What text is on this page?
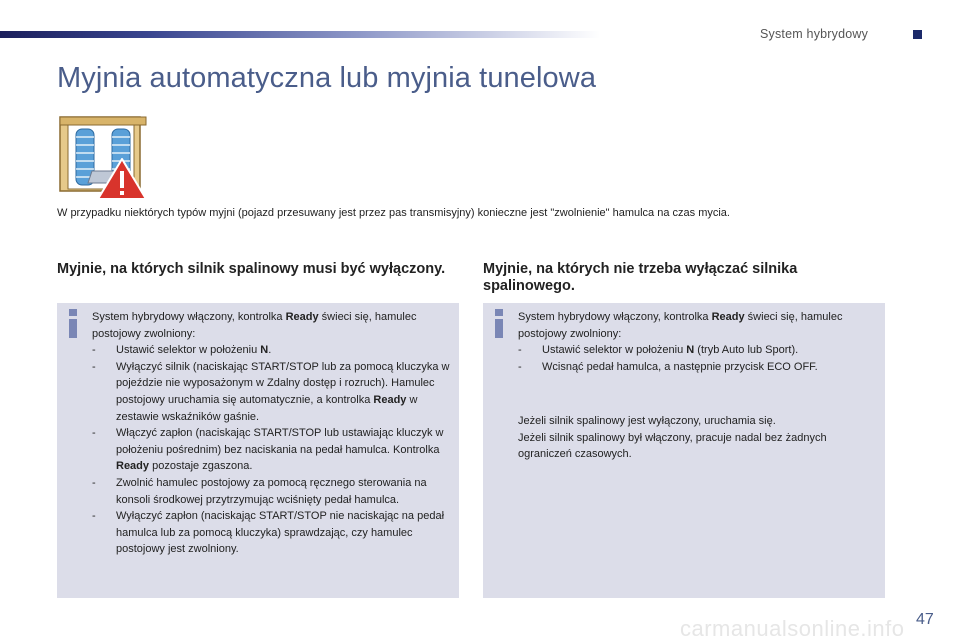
System hybrydowy
Myjnia automatyczna lub myjnia tunelowa

W przypadku niektórych typów myjni (pojazd przesuwany jest przez pas transmisyjny) konieczne jest "zwolnienie" hamulca na czas mycia.

Myjnie, na których silnik spalinowy musi być wyłączony.	Myjnie, na których nie trzeba wyłączać silnika spalinowego.

System hybrydowy włączony, kontrolka Ready świeci się, hamulec postojowy zwolniony:

- Ustawić selektor w położeniu N.
- Wyłączyć silnik (naciskając START/STOP lub za pomocą kluczyka w pojeździe nie wyposażonym w Zdalny dostęp i rozruch). Hamulec postojowy uruchamia się automatycznie, a kontrolka Ready w zestawie wskaźników gaśnie.
- Włączyć zapłon (naciskając START/STOP lub ustawiając kluczyk w położeniu pośrednim) bez naciskania na pedał hamulca. Kontrolka Ready pozostaje zgaszona.
- Zwolnić hamulec postojowy za pomocą ręcznego sterowania na konsoli środkowej przytrzymując wciśnięty pedał hamulca.
- Wyłączyć zapłon (naciskając START/STOP nie naciskając na pedał hamulca lub za pomocą kluczyka) sprawdzając, czy hamulec postojowy jest zwolniony.

System hybrydowy włączony, kontrolka Ready świeci się, hamulec postojowy zwolniony:

- Ustawić selektor w położeniu N (tryb Auto lub Sport).
- Wcisnąć pedał hamulca, a następnie przycisk ECO OFF.

Jeżeli silnik spalinowy jest wyłączony, uruchamia się.

Jeżeli silnik spalinowy był włączony, pracuje nadal bez żadnych ograniczeń czasowych.

carmanualsonline.info 47
